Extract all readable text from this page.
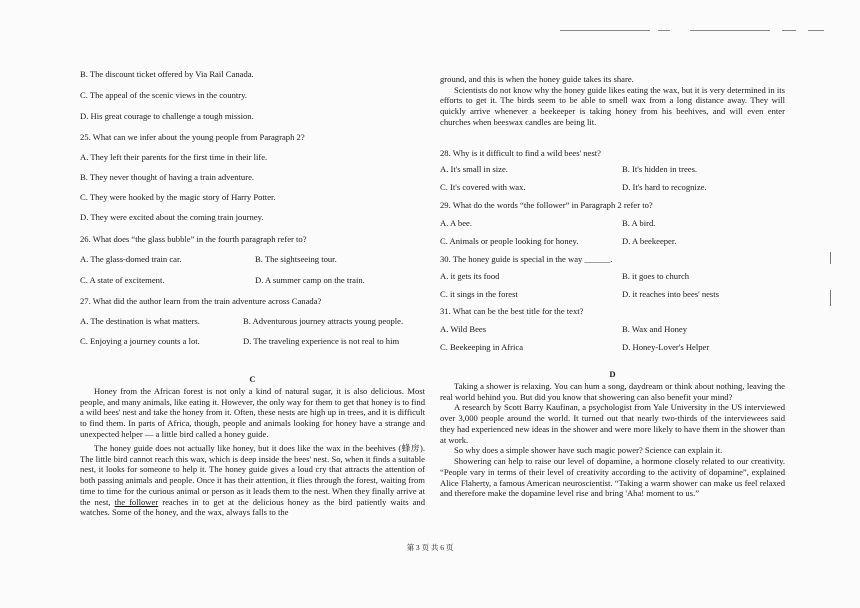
B. The discount ticket offered by Via Rail Canada.
C. The appeal of the scenic views in the country.
D. His great courage to challenge a tough mission.
25. What can we infer about the young people from Paragraph 2?
A. They left their parents for the first time in their life.
B. They never thought of having a train adventure.
C. They were hooked by the magic story of Harry Potter.
D. They were excited about the coming train journey.
26. What does “the glass bubble” in the fourth paragraph refer to?
A. The glass-domed train car.	B. The sightseeing tour.
C. A state of excitement.	D. A summer camp on the train.
27. What did the author learn from the train adventure across Canada?
A. The destination is what matters.	B. Adventurous journey attracts young people.
C. Enjoying a journey counts a lot.	D. The traveling experience is not real to him
C
Honey from the African forest is not only a kind of natural sugar, it is also delicious. Most people, and many animals, like eating it. However, the only way for them to get that honey is to find a wild bees' nest and take the honey from it. Often, these nests are high up in trees, and it is difficult to find them. In parts of Africa, though, people and animals looking for honey have a strange and unexpected helper — a little bird called a honey guide.
The honey guide does not actually like honey, but it does like the wax in the beehives (蜂房). The little bird cannot reach this wax, which is deep inside the bees' nest. So, when it finds a suitable nest, it looks for someone to help it. The honey guide gives a loud cry that attracts the attention of both passing animals and people. Once it has their attention, it flies through the forest, waiting from time to time for the curious animal or person as it leads them to the nest. When they finally arrive at the nest, the follower reaches in to get at the delicious honey as the bird patiently waits and watches. Some of the honey, and the wax, always falls to the
ground, and this is when the honey guide takes its share.
Scientists do not know why the honey guide likes eating the wax, but it is very determined in its efforts to get it. The birds seem to be able to smell wax from a long distance away. They will quickly arrive whenever a beekeeper is taking honey from his beehives, and will even enter churches when beeswax candles are being lit.
28. Why is it difficult to find a wild bees' nest?
A. It's small in size.	B. It's hidden in trees.
C. It's covered with wax.	D. It's hard to recognize.
29. What do the words “the follower” in Paragraph 2 refer to?
A. A bee.	B. A bird.
C. Animals or people looking for honey.	D. A beekeeper.
30. The honey guide is special in the way ______.
A. it gets its food	B. it goes to church
C. it sings in the forest	D. it reaches into bees' nests
31. What can be the best title for the text?
A. Wild Bees	B. Wax and Honey
C. Beekeeping in Africa	D. Honey-Lover's Helper
D
Taking a shower is relaxing. You can hum a song, daydream or think about nothing, leaving the real world behind you. But did you know that showering can also benefit your mind?
A research by Scott Barry Kaufinan, a psychologist from Yale University in the US interviewed over 3,000 people around the world. It turned out that nearly two-thirds of the interviewees said they had experienced new ideas in the shower and were more likely to have them in the shower than at work.
So why does a simple shower have such magic power? Science can explain it.
Showering can help to raise our level of dopamine, a hormone closely related to our creativity. “People vary in terms of their level of creativity according to the activity of dopamine”, explained Alice Flaherty, a famous American neuroscientist. “Taking a warm shower can make us feel relaxed and therefore make the dopamine level rise and bring 'Aha! moment to us.”
第 3 页 共 6 页
